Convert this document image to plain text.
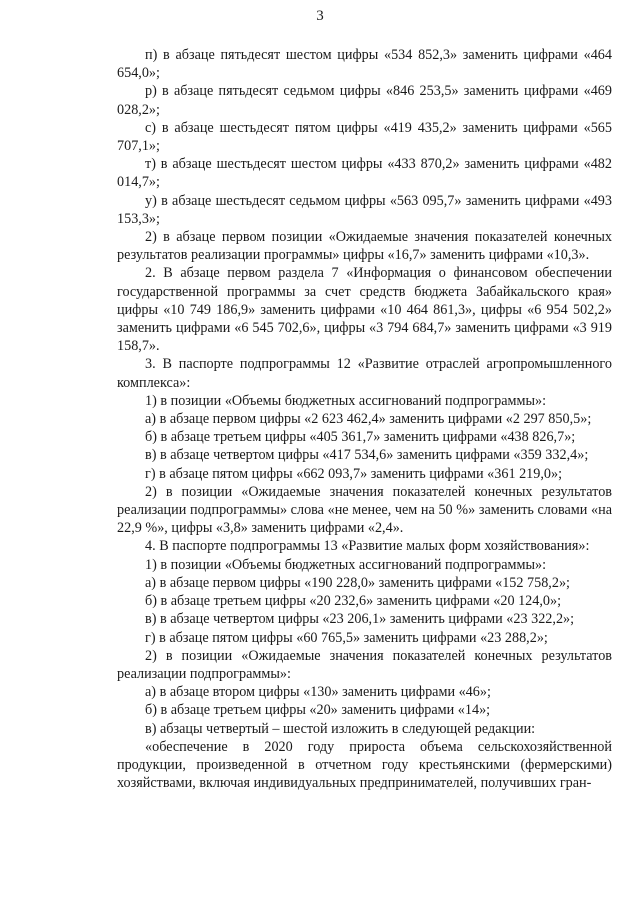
3

п) в абзаце пятьдесят шестом цифры «534 852,3» заменить цифрами «464 654,0»;

р) в абзаце пятьдесят седьмом цифры «846 253,5» заменить цифрами «469 028,2»;

с) в абзаце шестьдесят пятом цифры «419 435,2» заменить цифрами «565 707,1»;

т) в абзаце шестьдесят шестом цифры «433 870,2» заменить цифрами «482 014,7»;

у) в абзаце шестьдесят седьмом цифры «563 095,7» заменить цифрами «493 153,3»;

2) в абзаце первом позиции «Ожидаемые значения показателей конечных результатов реализации программы» цифры «16,7» заменить цифрами «10,3».

2. В абзаце первом раздела 7 «Информация о финансовом обеспечении государственной программы за счет средств бюджета Забайкальского края» цифры «10 749 186,9» заменить цифрами «10 464 861,3», цифры «6 954 502,2» заменить цифрами «6 545 702,6», цифры «3 794 684,7» заменить цифрами «3 919 158,7».

3. В паспорте подпрограммы 12 «Развитие отраслей агропромышленного комплекса»:

1) в позиции «Объемы бюджетных ассигнований подпрограммы»:

а) в абзаце первом цифры «2 623 462,4» заменить цифрами «2 297 850,5»;

б) в абзаце третьем цифры «405 361,7» заменить цифрами «438 826,7»;

в) в абзаце четвертом цифры «417 534,6» заменить цифрами «359 332,4»;

г) в абзаце пятом цифры «662 093,7» заменить цифрами «361 219,0»;

2) в позиции «Ожидаемые значения показателей конечных результатов реализации подпрограммы» слова «не менее, чем на 50 %» заменить словами «на 22,9 %», цифры «3,8» заменить цифрами «2,4».

4. В паспорте подпрограммы 13 «Развитие малых форм хозяйствования»:

1) в позиции «Объемы бюджетных ассигнований подпрограммы»:

а) в абзаце первом цифры «190 228,0» заменить цифрами «152 758,2»;

б) в абзаце третьем цифры «20 232,6» заменить цифрами «20 124,0»;

в) в абзаце четвертом цифры «23 206,1» заменить цифрами «23 322,2»;

г) в абзаце пятом цифры «60 765,5» заменить цифрами «23 288,2»;

2) в позиции «Ожидаемые значения показателей конечных результатов реализации подпрограммы»:

а) в абзаце втором цифры «130» заменить цифрами «46»;

б) в абзаце третьем цифры «20» заменить цифрами «14»;

в) абзацы четвертый – шестой изложить в следующей редакции:

«обеспечение в 2020 году прироста объема сельскохозяйственной продукции, произведенной в отчетном году крестьянскими (фермерскими) хозяйствами, включая индивидуальных предпринимателей, получивших гран-
